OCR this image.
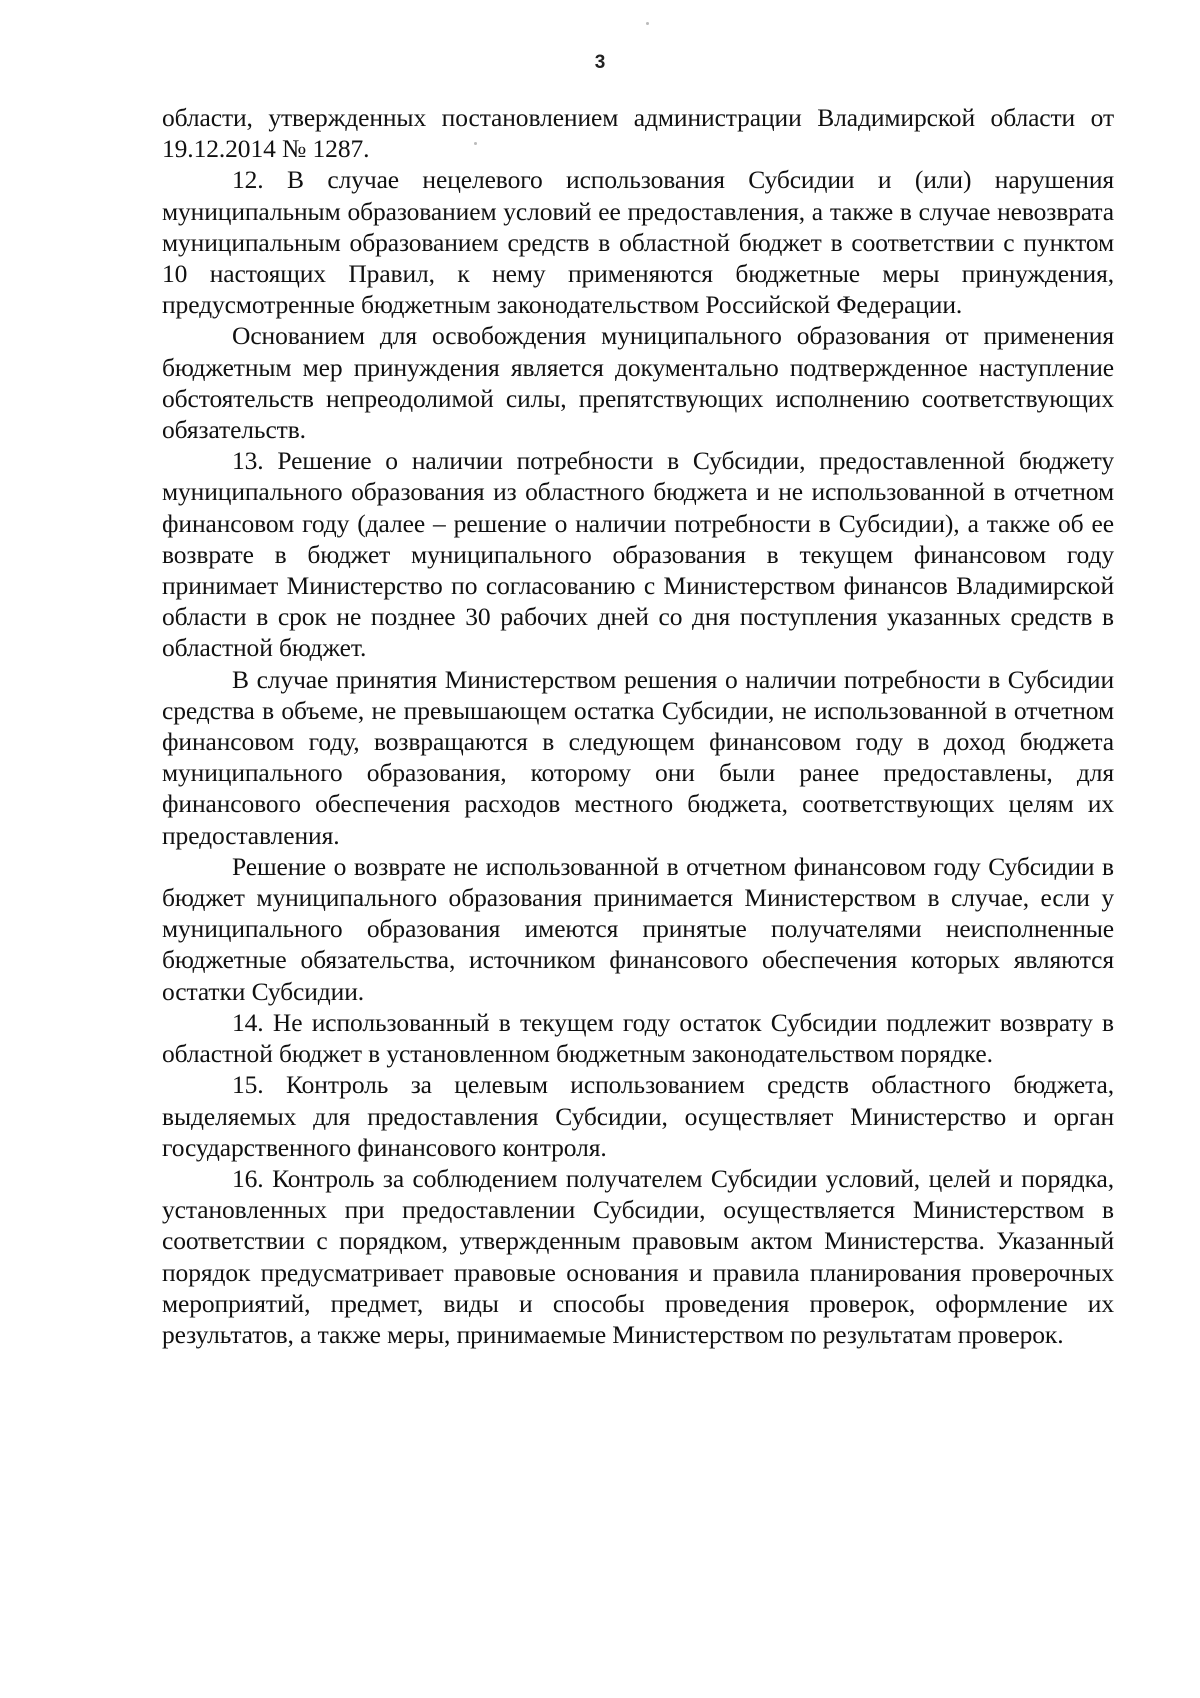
3

области, утвержденных постановлением администрации Владимирской области от 19.12.2014 № 1287.

12. В случае нецелевого использования Субсидии и (или) нарушения муниципальным образованием условий ее предоставления, а также в случае невозврата муниципальным образованием средств в областной бюджет в соответствии с пунктом 10 настоящих Правил, к нему применяются бюджетные меры принуждения, предусмотренные бюджетным законодательством Российской Федерации.

Основанием для освобождения муниципального образования от применения бюджетным мер принуждения является документально подтвержденное наступление обстоятельств непреодолимой силы, препятствующих исполнению соответствующих обязательств.

13. Решение о наличии потребности в Субсидии, предоставленной бюджету муниципального образования из областного бюджета и не использованной в отчетном финансовом году (далее – решение о наличии потребности в Субсидии), а также об ее возврате в бюджет муниципального образования в текущем финансовом году принимает Министерство по согласованию с Министерством финансов Владимирской области в срок не позднее 30 рабочих дней со дня поступления указанных средств в областной бюджет.

В случае принятия Министерством решения о наличии потребности в Субсидии средства в объеме, не превышающем остатка Субсидии, не использованной в отчетном финансовом году, возвращаются в следующем финансовом году в доход бюджета муниципального образования, которому они были ранее предоставлены, для финансового обеспечения расходов местного бюджета, соответствующих целям их предоставления.

Решение о возврате не использованной в отчетном финансовом году Субсидии в бюджет муниципального образования принимается Министерством в случае, если у муниципального образования имеются принятые получателями неисполненные бюджетные обязательства, источником финансового обеспечения которых являются остатки Субсидии.

14. Не использованный в текущем году остаток Субсидии подлежит возврату в областной бюджет в установленном бюджетным законодательством порядке.

15. Контроль за целевым использованием средств областного бюджета, выделяемых для предоставления Субсидии, осуществляет Министерство и орган государственного финансового контроля.

16. Контроль за соблюдением получателем Субсидии условий, целей и порядка, установленных при предоставлении Субсидии, осуществляется Министерством в соответствии с порядком, утвержденным правовым актом Министерства. Указанный порядок предусматривает правовые основания и правила планирования проверочных мероприятий, предмет, виды и способы проведения проверок, оформление их результатов, а также меры, принимаемые Министерством по результатам проверок.
